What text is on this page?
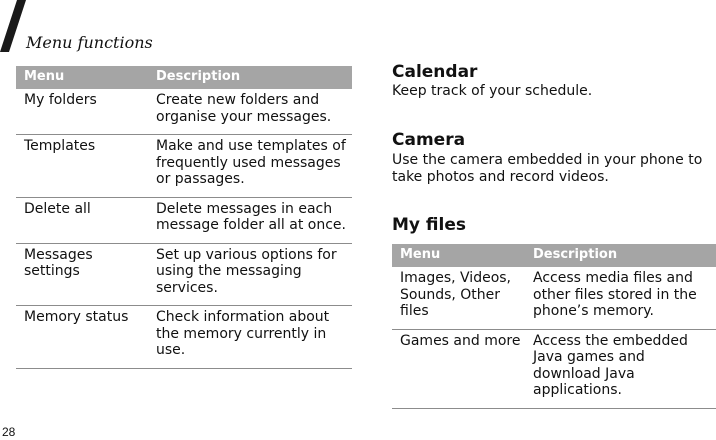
Menu functions
Menu	Description
My folders	Create new folders and organise your messages.
Templates	Make and use templates of frequently used messages or passages.
Delete all	Delete messages in each message folder all at once.
Messages settings	Set up various options for using the messaging services.
Memory status	Check information about the memory currently in use.
Calendar

Keep track of your schedule.

Camera

Use the camera embedded in your phone to take photos and record videos.

My files
Menu	Description
Images, Videos, Sounds, Other files	Access media files and other files stored in the phone’s memory.
Games and more	Access the embedded Java games and download Java applications.
28
